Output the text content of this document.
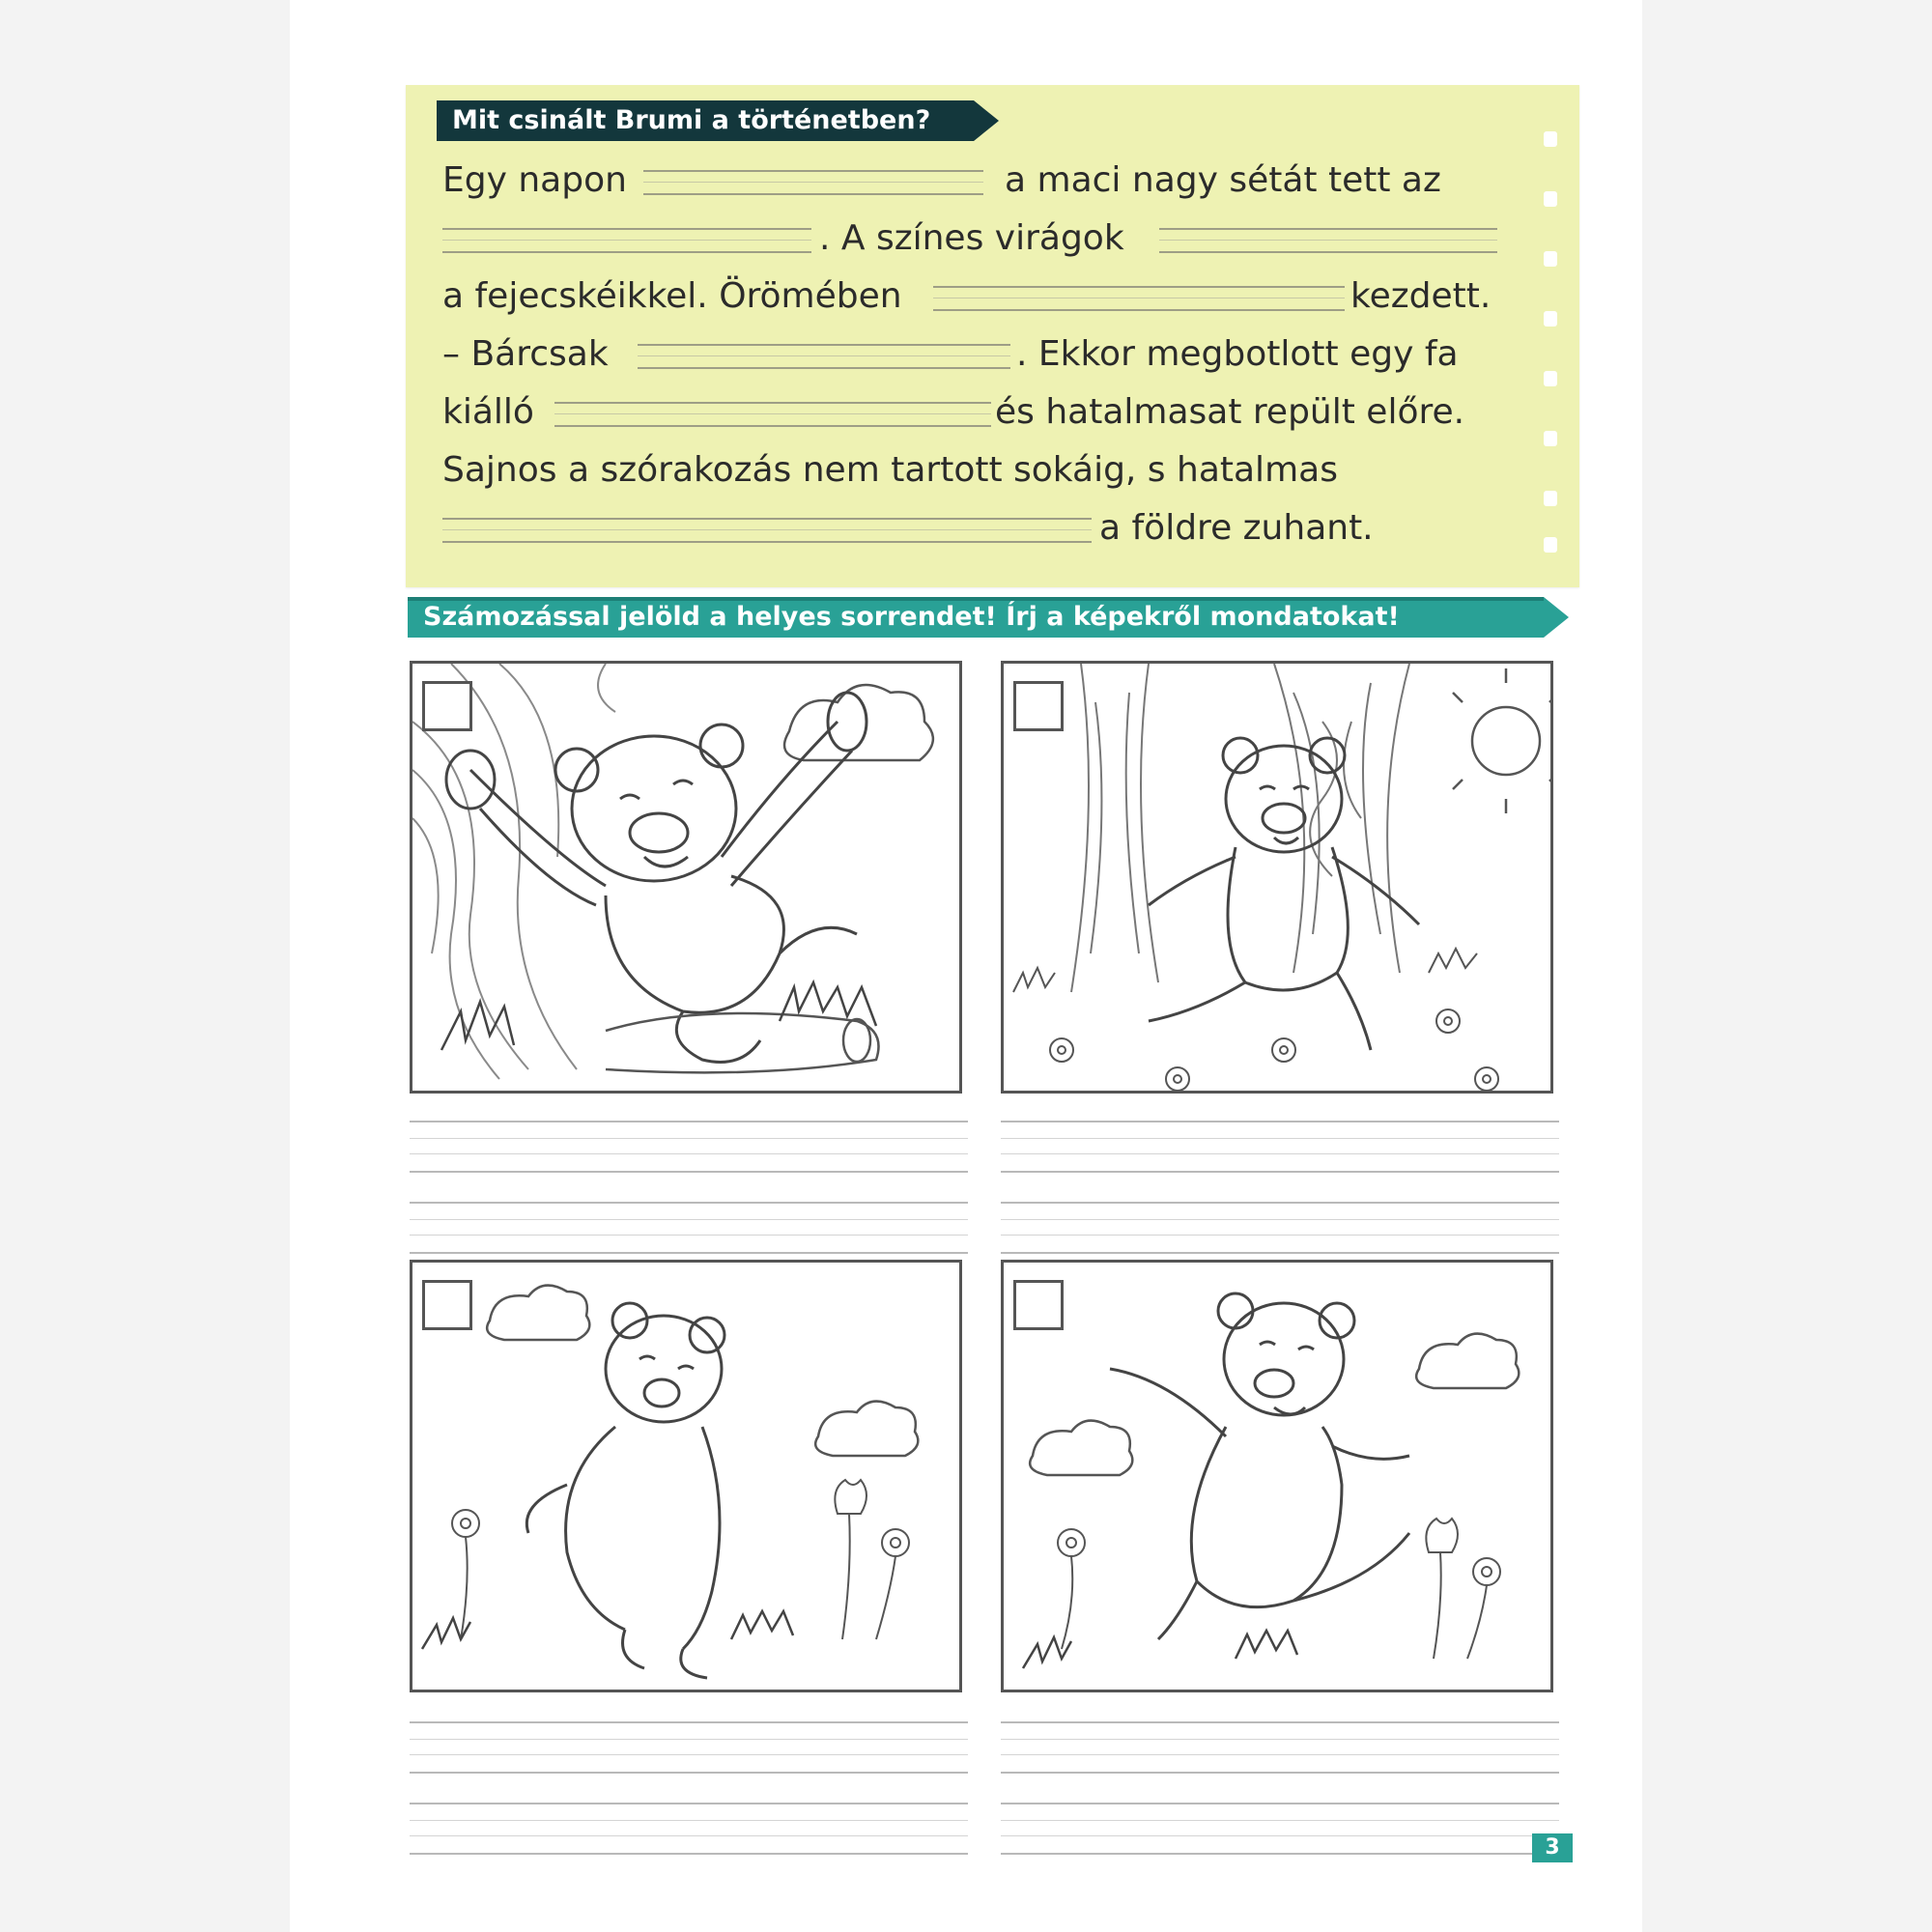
Mit csinált Brumi a történetben?
Egy napon	a maci nagy sétát tett az
. A színes virágok
a fejecskéikkel. Örömében	kezdett.
– Bárcsak	. Ekkor megbotlott egy fa
kiálló	és hatalmasat repült előre.
Sajnos a szórakozás nem tartott sokáig, s hatalmas
a földre zuhant.
Számozással jelöld a helyes sorrendet! Írj a képekről mondatokat!
3
